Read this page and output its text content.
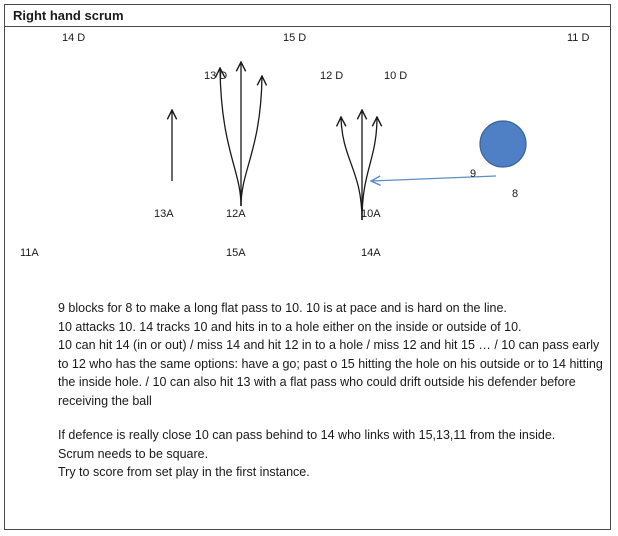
Right hand scrum
14 D	15 D	11 D
13 D	12 D	10 D
9
8
13A	12A	10A
11A	15A	14A

9 blocks for 8 to make a long flat pass to 10. 10 is at pace and is hard on the line.

10 attacks 10. 14 tracks 10 and hits in to a hole either on the inside or outside of 10.

10 can hit 14 (in or out) / miss 14 and hit 12 in to a hole / miss 12 and hit 15 … / 10 can pass early to 12 who has the same options: have a go; past o 15 hitting the hole on his outside or to 14 hitting the inside hole. / 10 can also hit 13 with a flat pass who could drift outside his defender before receiving the ball

If defence is really close 10 can pass behind to 14 who links with 15,13,11 from the inside.

Scrum needs to be square.

Try to score from set play in the first instance.
